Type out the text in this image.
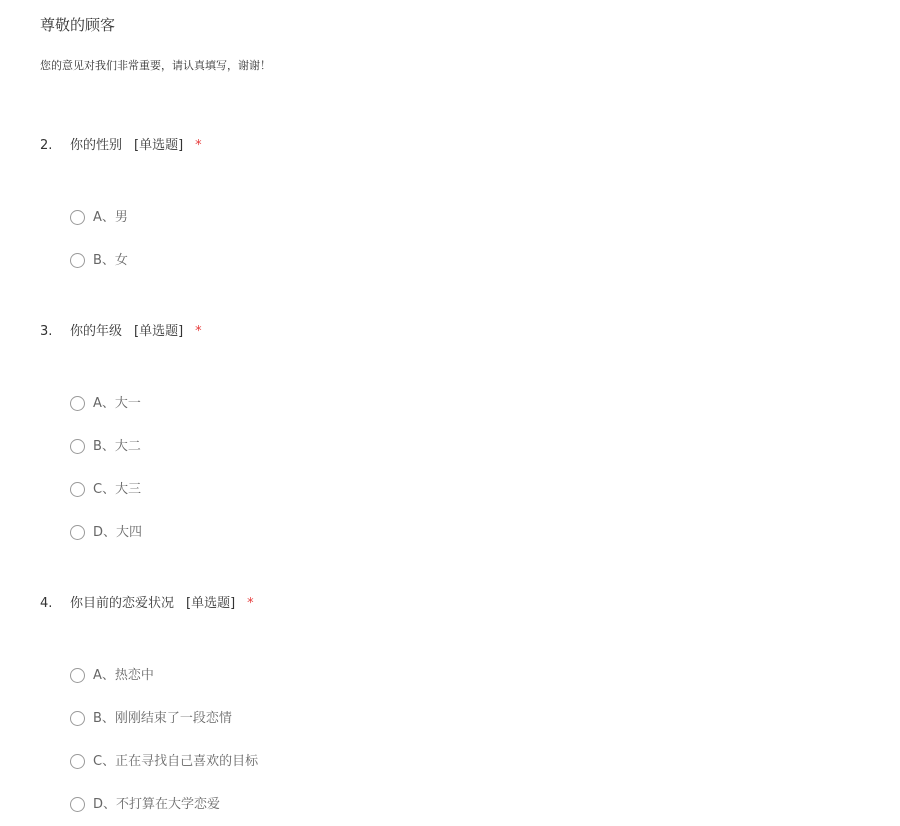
尊敬的顾客
您的意见对我们非常重要，请认真填写，谢谢！
2. 你的性别 [单选题] *
A、男
B、女
3. 你的年级 [单选题] *
A、大一
B、大二
C、大三
D、大四
4. 你目前的恋爱状况 [单选题] *
A、热恋中
B、刚刚结束了一段恋情
C、正在寻找自己喜欢的目标
D、不打算在大学恋爱
